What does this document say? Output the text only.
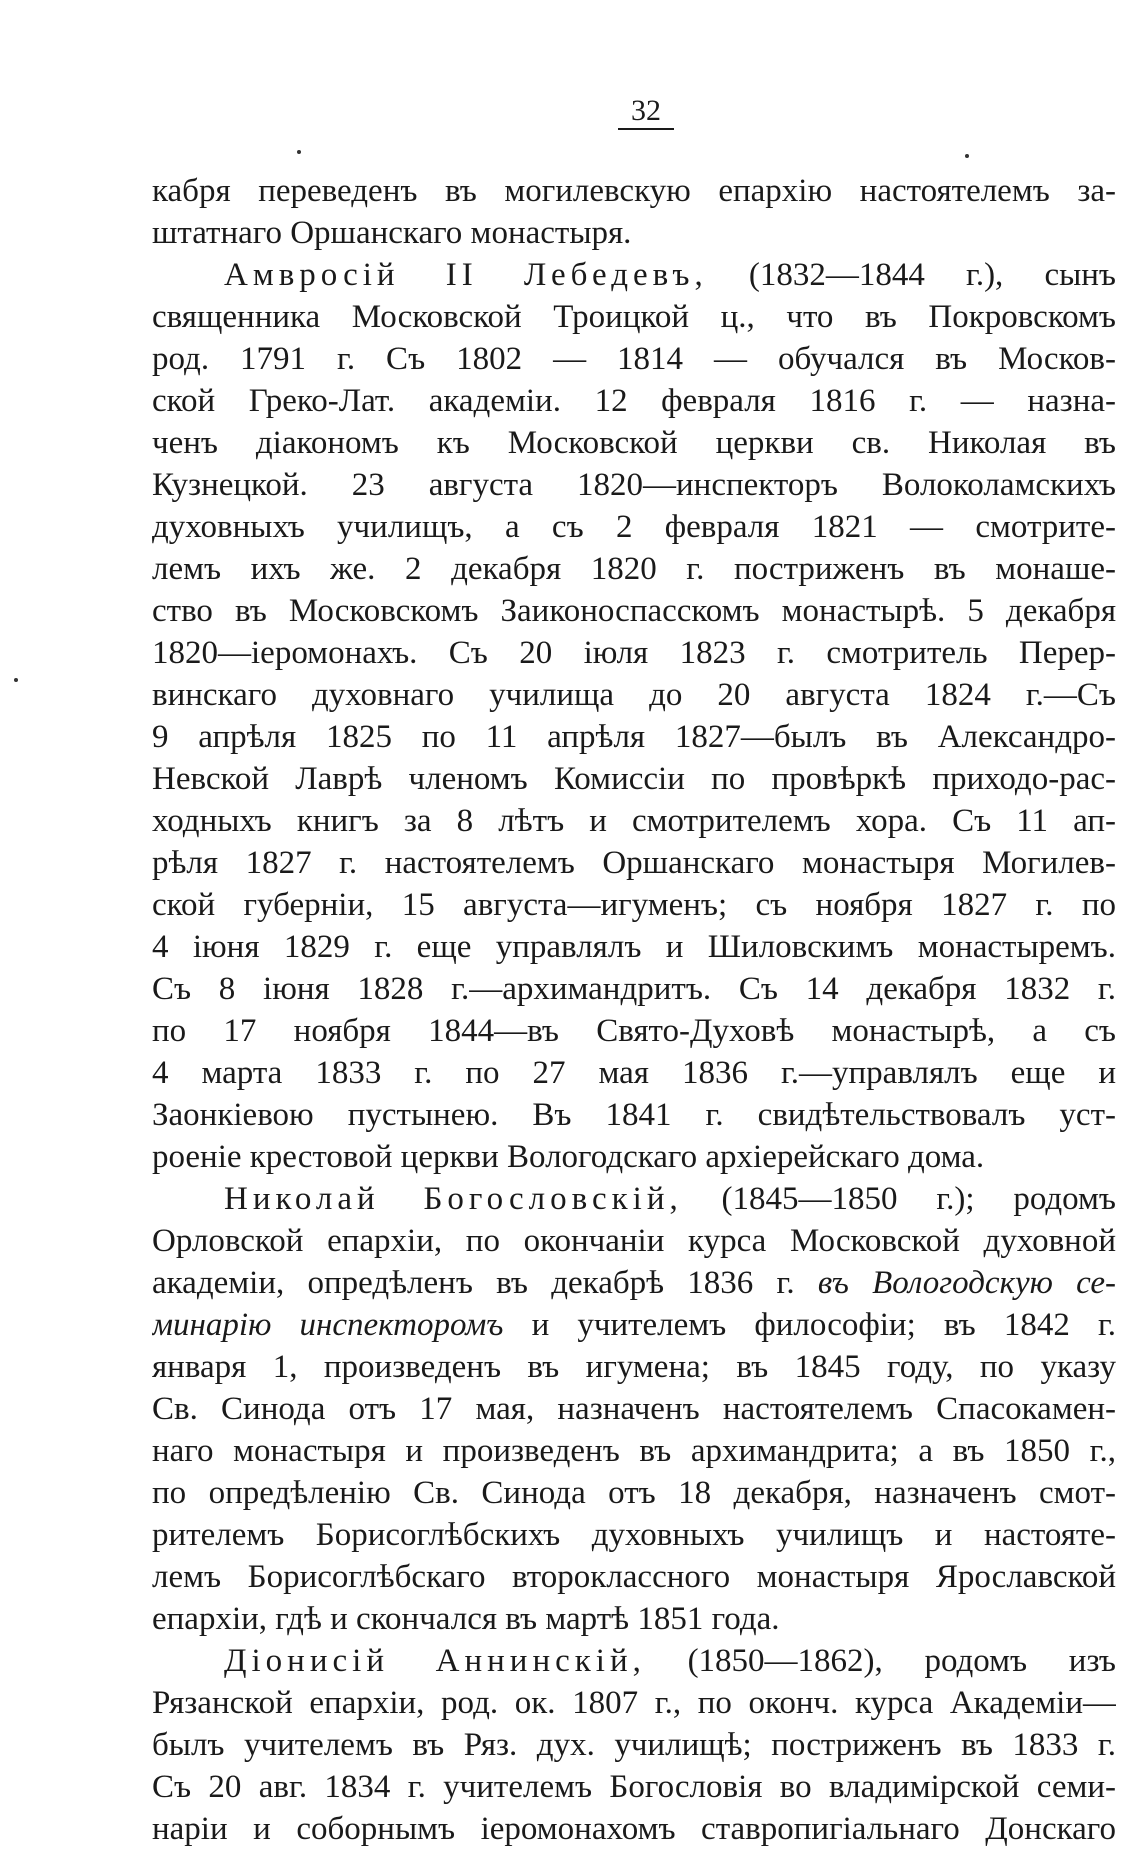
32
кабря переведенъ въ могилевскую епархію настоятелемъ за-
штатнаго Оршанскаго монастыря.
Амвросій II Лебедевъ, (1832—1844 г.), сынъ
священника Московской Троицкой ц., что въ Покровскомъ
род. 1791 г. Съ 1802 — 1814 — обучался въ Москов-
ской Греко-Лат. академіи. 12 февраля 1816 г. — назна-
ченъ діакономъ къ Московской церкви св. Николая въ
Кузнецкой. 23 августа 1820—инспекторъ Волоколамскихъ
духовныхъ училищъ, а съ 2 февраля 1821 — смотрите-
лемъ ихъ же. 2 декабря 1820 г. постриженъ въ монаше-
ство въ Московскомъ Заиконоспасскомъ монастырѣ. 5 декабря
1820—іеромонахъ. Съ 20 іюля 1823 г. смотритель Перер-
винскаго духовнаго училища до 20 августа 1824 г.—Съ
9 апрѣля 1825 по 11 апрѣля 1827—былъ въ Александро-
Невской Лаврѣ членомъ Комиссіи по провѣркѣ приходо-рас-
ходныхъ книгъ за 8 лѣтъ и смотрителемъ хора. Съ 11 ап-
рѣля 1827 г. настоятелемъ Оршанскаго монастыря Могилев-
ской губерніи, 15 августа—игуменъ; съ ноября 1827 г. по
4 іюня 1829 г. еще управлялъ и Шиловскимъ монастыремъ.
Съ 8 іюня 1828 г.—архимандритъ. Съ 14 декабря 1832 г.
по 17 ноября 1844—въ Свято-Духовѣ монастырѣ, а съ
4 марта 1833 г. по 27 мая 1836 г.—управлялъ еще и
Заонкіевою пустынею. Въ 1841 г. свидѣтельствовалъ уст-
роеніе крестовой церкви Вологодскаго архіерейскаго дома.
Николай Богословскій, (1845—1850 г.); родомъ
Орловской епархіи, по окончаніи курса Московской духовной
академіи, опредѣленъ въ декабрѣ 1836 г. въ Вологодскую се-
минарію инспекторомъ и учителемъ философіи; въ 1842 г.
января 1, произведенъ въ игумена; въ 1845 году, по указу
Св. Синода отъ 17 мая, назначенъ настоятелемъ Спасокамен-
наго монастыря и произведенъ въ архимандрита; а въ 1850 г.,
по опредѣленію Св. Синода отъ 18 декабря, назначенъ смот-
рителемъ Борисоглѣбскихъ духовныхъ училищъ и настояте-
лемъ Борисоглѣбскаго второклассного монастыря Ярославской
епархіи, гдѣ и скончался въ мартѣ 1851 года.
Діонисій Аннинскій, (1850—1862), родомъ изъ
Рязанской епархіи, род. ок. 1807 г., по оконч. курса Академіи—
былъ учителемъ въ Ряз. дух. училищѣ; постриженъ въ 1833 г.
Съ 20 авг. 1834 г. учителемъ Богословія во владимірской семи-
наріи и соборнымъ іеромонахомъ ставропигіальнаго Донскаго
